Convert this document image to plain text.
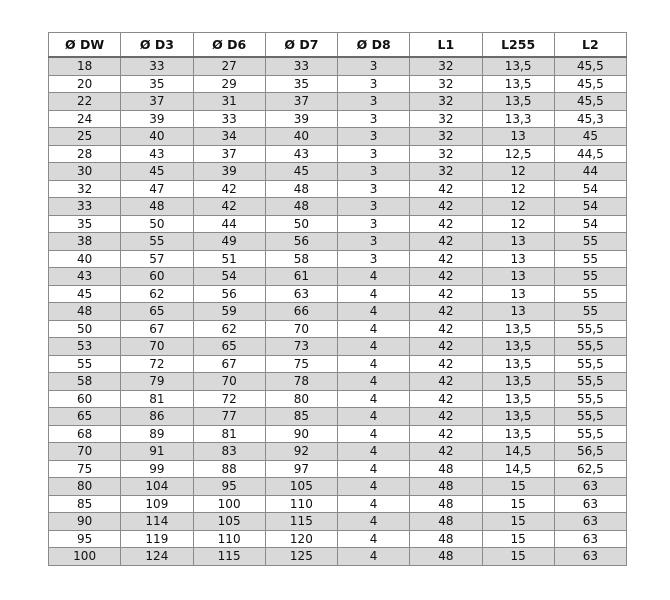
Ø DW	Ø D3	Ø D6	Ø D7	Ø D8	L1	L255	L2
18	33	27	33	3	32	13,5	45,5
20	35	29	35	3	32	13,5	45,5
22	37	31	37	3	32	13,5	45,5
24	39	33	39	3	32	13,3	45,3
25	40	34	40	3	32	13	45
28	43	37	43	3	32	12,5	44,5
30	45	39	45	3	32	12	44
32	47	42	48	3	42	12	54
33	48	42	48	3	42	12	54
35	50	44	50	3	42	12	54
38	55	49	56	3	42	13	55
40	57	51	58	3	42	13	55
43	60	54	61	4	42	13	55
45	62	56	63	4	42	13	55
48	65	59	66	4	42	13	55
50	67	62	70	4	42	13,5	55,5
53	70	65	73	4	42	13,5	55,5
55	72	67	75	4	42	13,5	55,5
58	79	70	78	4	42	13,5	55,5
60	81	72	80	4	42	13,5	55,5
65	86	77	85	4	42	13,5	55,5
68	89	81	90	4	42	13,5	55,5
70	91	83	92	4	42	14,5	56,5
75	99	88	97	4	48	14,5	62,5
80	104	95	105	4	48	15	63
85	109	100	110	4	48	15	63
90	114	105	115	4	48	15	63
95	119	110	120	4	48	15	63
100	124	115	125	4	48	15	63
